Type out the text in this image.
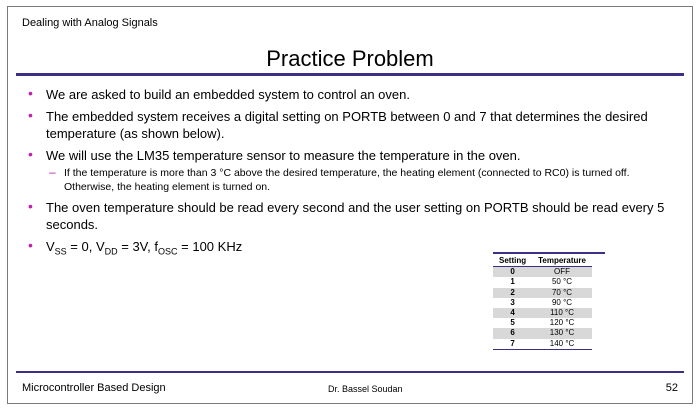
Dealing with Analog Signals
Practice Problem
• We are asked to build an embedded system to control an oven.
• The embedded system receives a digital setting on PORTB between 0 and 7 that determines the desired temperature (as shown below).
• We will use the LM35 temperature sensor to measure the temperature in the oven.
– If the temperature is more than 3 °C above the desired temperature, the heating element (connected to RC0) is turned off. Otherwise, the heating element is turned on.
• The oven temperature should be read every second and the user setting on PORTB should be read every 5 seconds.
• $V_{SS} = 0$, $V_{DD} = 3V$, $f_{OSC} = 100$ KHz
Setting	Temperature
0	OFF
1	50 °C
2	70 °C
3	90 °C
4	110 °C
5	120 °C
6	130 °C
7	140 °C
Microcontroller Based Design	Dr. Bassel Soudan	52
